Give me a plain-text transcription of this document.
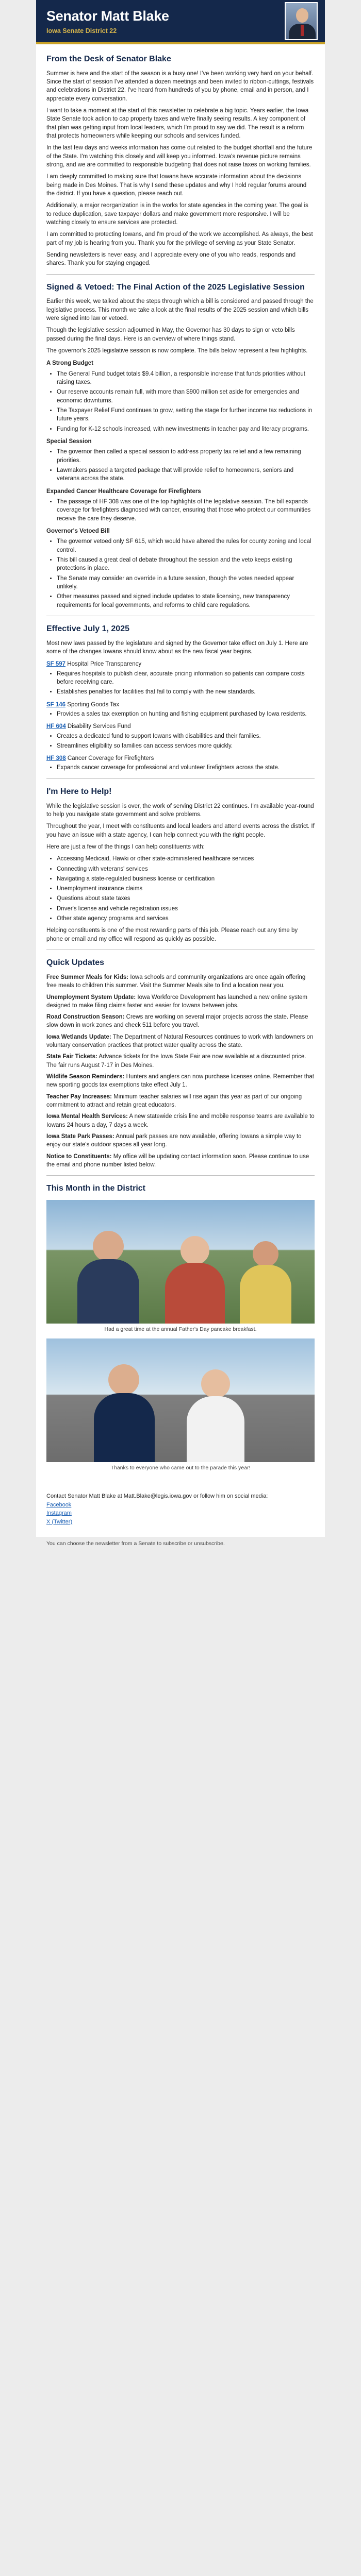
Senator Matt Blake
Iowa Senate District 22
From the Desk of Senator Blake

Summer is here and the start of the season is a busy one! I've been working very hard on your behalf. Since the start of session I've attended a dozen meetings and been invited to ribbon-cuttings, festivals and celebrations in District 22. I've heard from hundreds of you by phone, email and in person, and I appreciate every conversation.

I want to take a moment at the start of this newsletter to celebrate a big topic. Years earlier, the Iowa State Senate took action to cap property taxes and we're finally seeing results. A key component of that plan was getting input from local leaders, which I'm proud to say we did. The result is a reform that protects homeowners while keeping our schools and services funded.

In the last few days and weeks information has come out related to the budget shortfall and the future of the State. I'm watching this closely and will keep you informed. Iowa's revenue picture remains strong, and we are committed to responsible budgeting that does not raise taxes on working families.

I am deeply committed to making sure that Iowans have accurate information about the decisions being made in Des Moines. That is why I send these updates and why I hold regular forums around the district. If you have a question, please reach out.

Additionally, a major reorganization is in the works for state agencies in the coming year. The goal is to reduce duplication, save taxpayer dollars and make government more responsive. I will be watching closely to ensure services are protected.

I am committed to protecting Iowans, and I'm proud of the work we accomplished. As always, the best part of my job is hearing from you. Thank you for the privilege of serving as your State Senator.

Sending newsletters is never easy, and I appreciate every one of you who reads, responds and shares. Thank you for staying engaged.

Signed & Vetoed: The Final Action of the 2025 Legislative Session

Earlier this week, we talked about the steps through which a bill is considered and passed through the legislative process. This month we take a look at the final results of the 2025 session and which bills were signed into law or vetoed.

Though the legislative session adjourned in May, the Governor has 30 days to sign or veto bills passed during the final days. Here is an overview of where things stand.

The governor's 2025 legislative session is now complete. The bills below represent a few highlights.

A Strong Budget
• The General Fund budget totals $9.4 billion, a responsible increase that funds priorities without raising taxes.
• Our reserve accounts remain full, with more than $900 million set aside for emergencies and economic downturns.
• The Taxpayer Relief Fund continues to grow, setting the stage for further income tax reductions in future years.
• Funding for K-12 schools increased, with new investments in teacher pay and literacy programs.
Special Session
• The governor then called a special session to address property tax relief and a few remaining priorities.
• Lawmakers passed a targeted package that will provide relief to homeowners, seniors and veterans across the state.
Expanded Cancer Healthcare Coverage for Firefighters
• The passage of HF 308 was one of the top highlights of the legislative session. The bill expands coverage for firefighters diagnosed with cancer, ensuring that those who protect our communities receive the care they deserve.
Governor's Vetoed Bill
• The governor vetoed only SF 615, which would have altered the rules for county zoning and local control.
• This bill caused a great deal of debate throughout the session and the veto keeps existing protections in place.
• The Senate may consider an override in a future session, though the votes needed appear unlikely.
• Other measures passed and signed include updates to state licensing, new transparency requirements for local governments, and reforms to child care regulations.
Effective July 1, 2025

Most new laws passed by the legislature and signed by the Governor take effect on July 1. Here are some of the changes Iowans should know about as the new fiscal year begins.

SF 597 Hospital Price Transparency
• Requires hospitals to publish clear, accurate pricing information so patients can compare costs before receiving care.
• Establishes penalties for facilities that fail to comply with the new standards.
SF 146 Sporting Goods Tax
• Provides a sales tax exemption on hunting and fishing equipment purchased by Iowa residents.
HF 604 Disability Services Fund
• Creates a dedicated fund to support Iowans with disabilities and their families.
• Streamlines eligibility so families can access services more quickly.
HF 308 Cancer Coverage for Firefighters
• Expands cancer coverage for professional and volunteer firefighters across the state.
I'm Here to Help!

While the legislative session is over, the work of serving District 22 continues. I'm available year-round to help you navigate state government and solve problems.

Throughout the year, I meet with constituents and local leaders and attend events across the district. If you have an issue with a state agency, I can help connect you with the right people.

Here are just a few of the things I can help constituents with:

• Accessing Medicaid, Hawki or other state-administered healthcare services
• Connecting with veterans' services
• Navigating a state-regulated business license or certification
• Unemployment insurance claims
• Questions about state taxes
• Driver's license and vehicle registration issues
• Other state agency programs and services

Helping constituents is one of the most rewarding parts of this job. Please reach out any time by phone or email and my office will respond as quickly as possible.

Quick Updates

Free Summer Meals for Kids: Iowa schools and community organizations are once again offering free meals to children this summer. Visit the Summer Meals site to find a location near you.

Unemployment System Update: Iowa Workforce Development has launched a new online system designed to make filing claims faster and easier for Iowans between jobs.

Road Construction Season: Crews are working on several major projects across the state. Please slow down in work zones and check 511 before you travel.

Iowa Wetlands Update: The Department of Natural Resources continues to work with landowners on voluntary conservation practices that protect water quality across the state.

State Fair Tickets: Advance tickets for the Iowa State Fair are now available at a discounted price. The fair runs August 7-17 in Des Moines.

Wildlife Season Reminders: Hunters and anglers can now purchase licenses online. Remember that new sporting goods tax exemptions take effect July 1.

Teacher Pay Increases: Minimum teacher salaries will rise again this year as part of our ongoing commitment to attract and retain great educators.

Iowa Mental Health Services: A new statewide crisis line and mobile response teams are available to Iowans 24 hours a day, 7 days a week.

Iowa State Park Passes: Annual park passes are now available, offering Iowans a simple way to enjoy our state's outdoor spaces all year long.

Notice to Constituents: My office will be updating contact information soon. Please continue to use the email and phone number listed below.

This Month in the District
Had a great time at the annual Father's Day pancake breakfast.
Thanks to everyone who came out to the parade this year!
Contact Senator Matt Blake at Matt.Blake@legis.iowa.gov or follow him on social media:
Facebook
Instagram
X (Twitter)
You can choose the newsletter from a Senate to subscribe or unsubscribe.
